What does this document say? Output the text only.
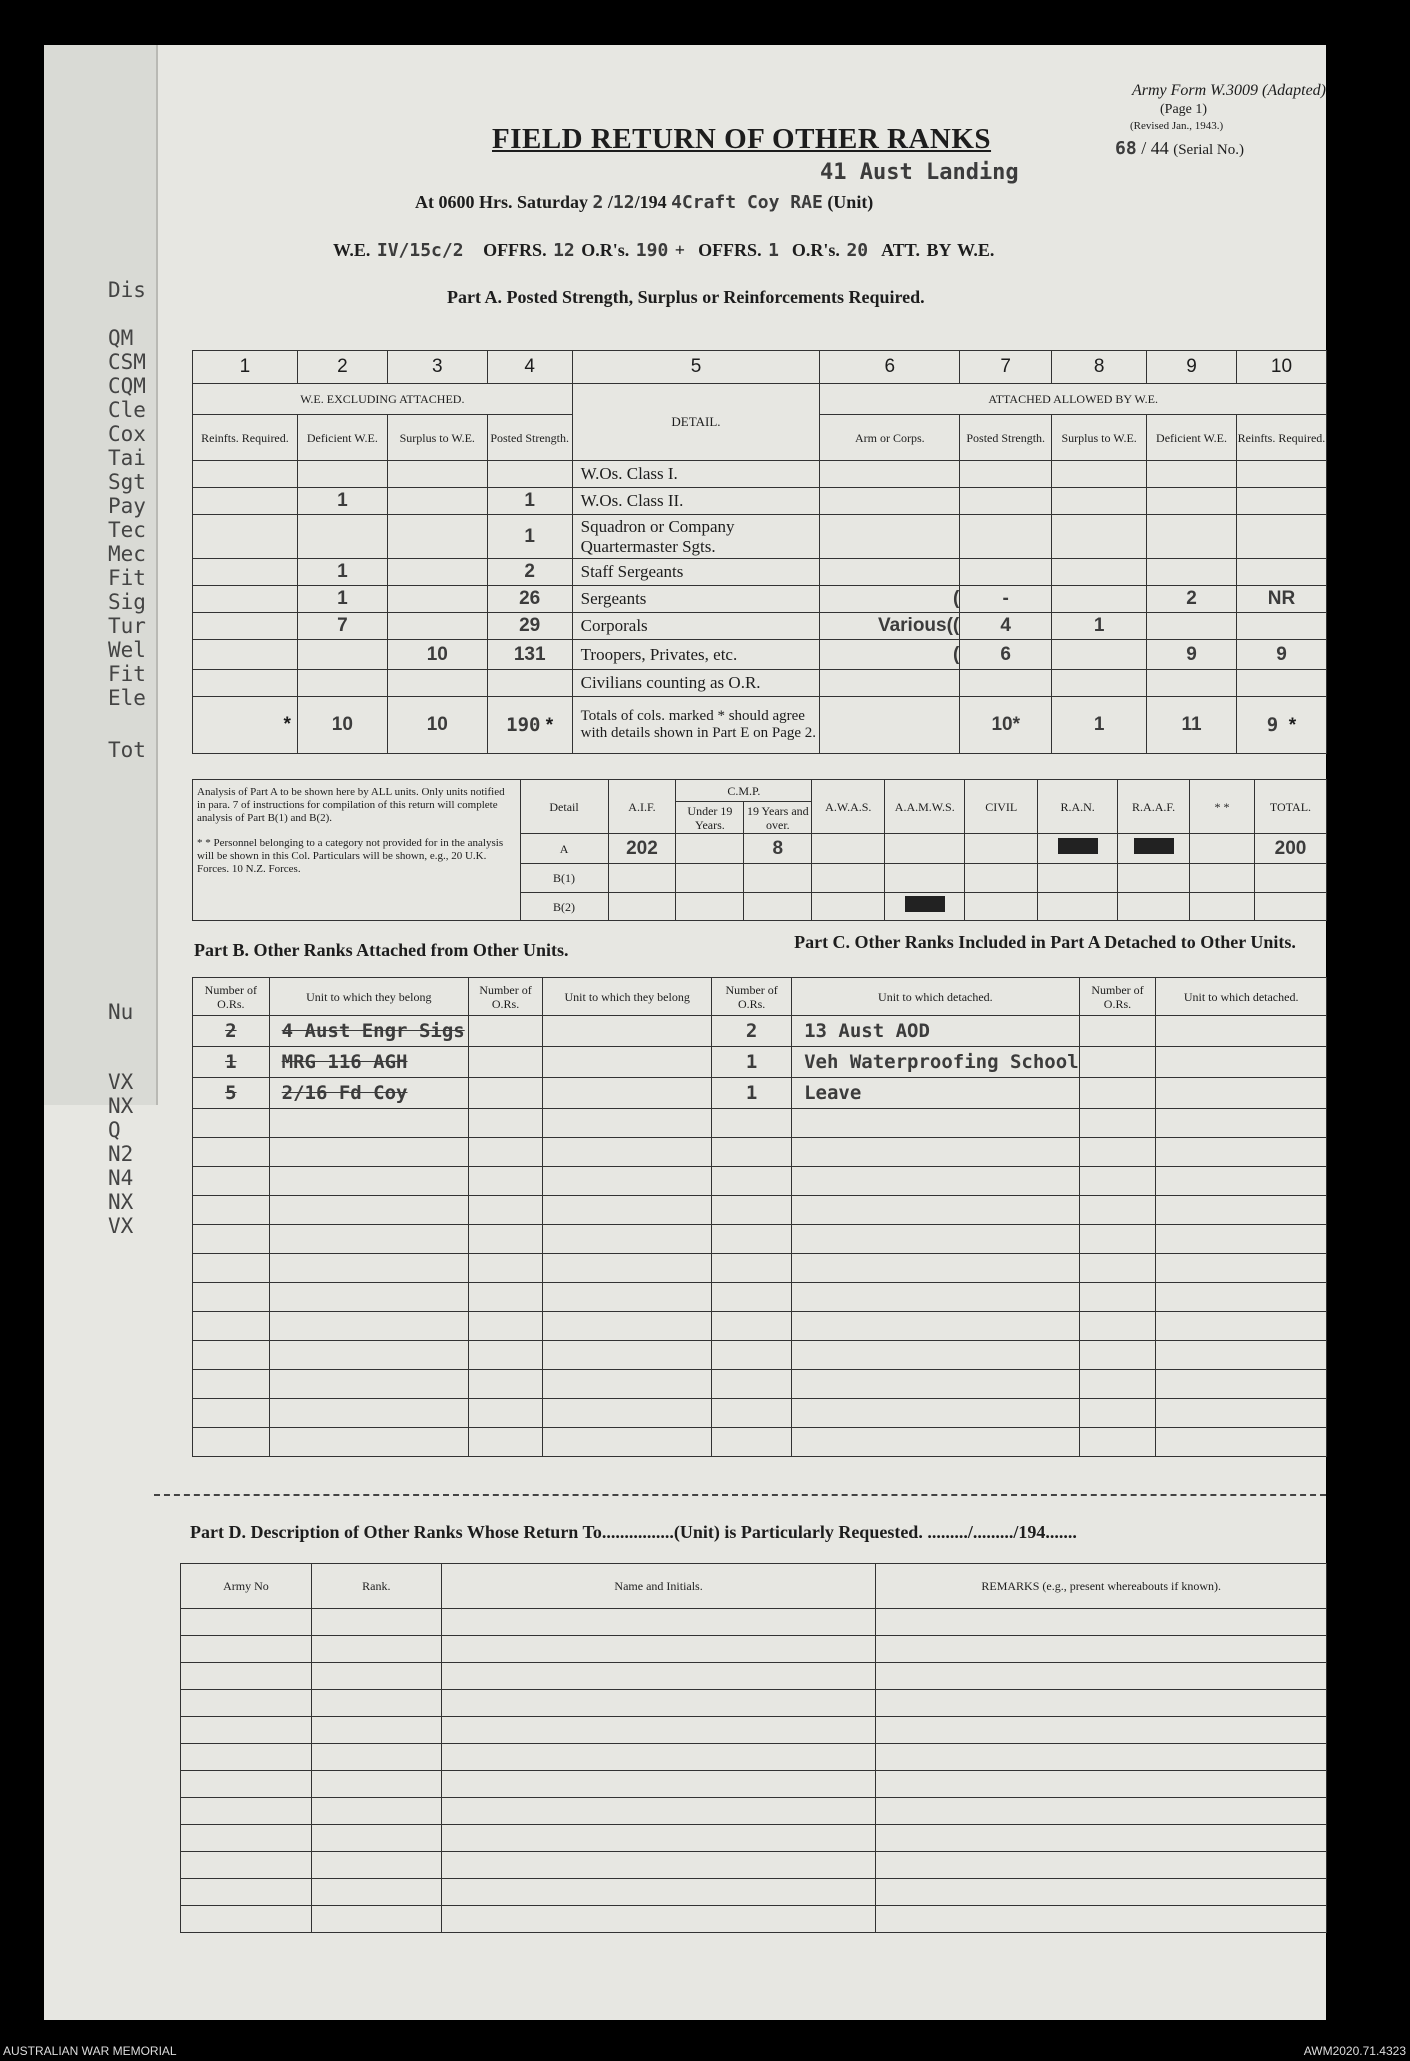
Dis
QM
CSM
CQM
Cle
Cox
Tai
Sgt
Pay
Tec
Mec
Fit
Sig
Tur
Wel
Fit
Ele
Tot
Nu
VX
NX
Q
N2
N4
NX
VX
Army Form W.3009 (Adapted)
(Page 1)
(Revised Jan., 1943.)
68 / 44 (Serial No.)
FIELD RETURN OF OTHER RANKS
41 Aust Landing
At 0600 Hrs. Saturday 2 /12/194 4Craft Coy RAE (Unit)
W.E. IV/15c/2 OFFRS. 12 O.R's. 190 + OFFRS. 1 O.R's. 20 ATT. BY W.E.
Part A. Posted Strength, Surplus or Reinforcements Required.
1	2	3	4	5	6	7	8	9	10
W.E. EXCLUDING ATTACHED.				DETAIL.	ATTACHED ALLOWED BY W.E.				
Reinfts. Required.	Deficient W.E.	Surplus to W.E.	Posted Strength.		Arm or Corps.	Posted Strength.	Surplus to W.E.	Deficient W.E.	Reinfts. Required.
				W.Os. Class I.					
	1		1	W.Os. Class II.					
			1	Squadron or Company Quartermaster Sgts.					
	1		2	Staff Sergeants					
	1		26	Sergeants	(	-		2	NR
	7		29	Corporals	Various((	4	1		
		10	131	Troopers, Privates, etc.	(	6		9	9
				Civilians counting as O.R.					
*	10	10	190 *	Totals of cols. marked * should agree with details shown in Part E on Page 2.		10*	1	11	9 *
Analysis of Part A to be shown here by ALL units. Only units notified in para. 7 of instructions for compilation of this return will complete analysis of Part B(1) and B(2).
* * Personnel belonging to a category not provided for in the analysis will be shown in this Col. Particulars will be shown, e.g., 20 U.K. Forces. 10 N.Z. Forces.	Detail	A.I.F.	C.M.P.		A.W.A.S.	A.A.M.W.S.	CIVIL	R.A.N.	R.A.A.F.	* *	TOTAL.
			Under 19 Years.	19 Years and over.							
	A	202		8							200
	B(1)										
	B(2)										
Part B. Other Ranks Attached from Other Units.	Part C. Other Ranks Included in Part A Detached to Other Units.
Number of O.Rs.	Unit to which they belong	Number of O.Rs.	Unit to which they belong	Number of O.Rs.	Unit to which detached.	Number of O.Rs.	Unit to which detached.
2	4 Aust Engr Sigs			2	13 Aust AOD		
1	MRG 116 AGH			1	Veh Waterproofing School		
5	2/16 Fd Coy			1	Leave		

Part D. Description of Other Ranks Whose Return To................(Unit) is Particularly Requested. ........./........./194.......
Army No	Rank.	Name and Initials.	REMARKS (e.g., present whereabouts if known).

AUSTRALIAN WAR MEMORIAL	AWM2020.71.4323
